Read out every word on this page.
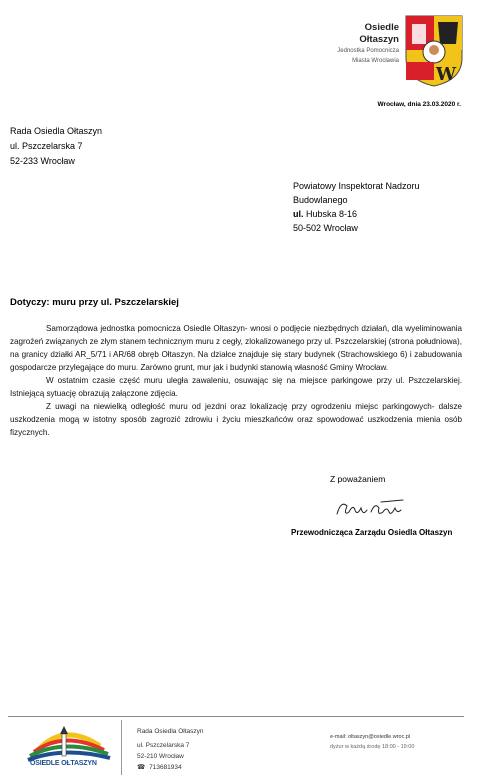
Osiedle
Ołtaszyn
Jednostka Pomocnicza
Miasta Wrocławia
W
Wrocław, dnia 23.03.2020 r.
Rada Osiedla Ołtaszyn
ul. Pszczelarska 7
52-233 Wrocław
Powiatowy Inspektorat Nadzoru
Budowlanego
ul. Hubska 8-16
50-502 Wrocław
Dotyczy: muru przy ul. Pszczelarskiej

Samorządowa jednostka pomocnicza Osiedle Ołtaszyn- wnosi o podjęcie niezbędnych działań, dla wyeliminowania zagrożeń związanych ze złym stanem technicznym muru z cegły, zlokalizowanego przy ul. Pszczelarskiej (strona południowa), na granicy działki AR_5/71 i AR/68 obręb Ołtaszyn. Na działce znajduje się stary budynek (Strachowskiego 6) i zabudowania gospodarcze przylegające do muru. Zarówno grunt, mur jak i budynki stanowią własność Gminy Wrocław.

W ostatnim czasie część muru uległa zawaleniu, osuwając się na miejsce parkingowe przy ul. Pszczelarskiej. Istniejącą sytuację obrazują załączone zdjęcia.

Z uwagi na niewielką odległość muru od jezdni oraz lokalizację przy ogrodzeniu miejsc parkingowych- dalsze uszkodzenia mogą w istotny sposób zagrozić zdrowiu i życiu mieszkańców oraz spowodować uszkodzenia mienia osób fizycznych.

Z poważaniem
Przewodnicząca Zarządu Osiedla Ołtaszyn
OSIEDLE OŁTASZYN
Rada Osiedla Ołtaszyn
ul. Pszczelarska 7
52-210 Wrocław
☎ 713681934
e-mail: oltaszyn@osiedle.wroc.pl
dyżur w każdą środę 18:00 - 19:00
